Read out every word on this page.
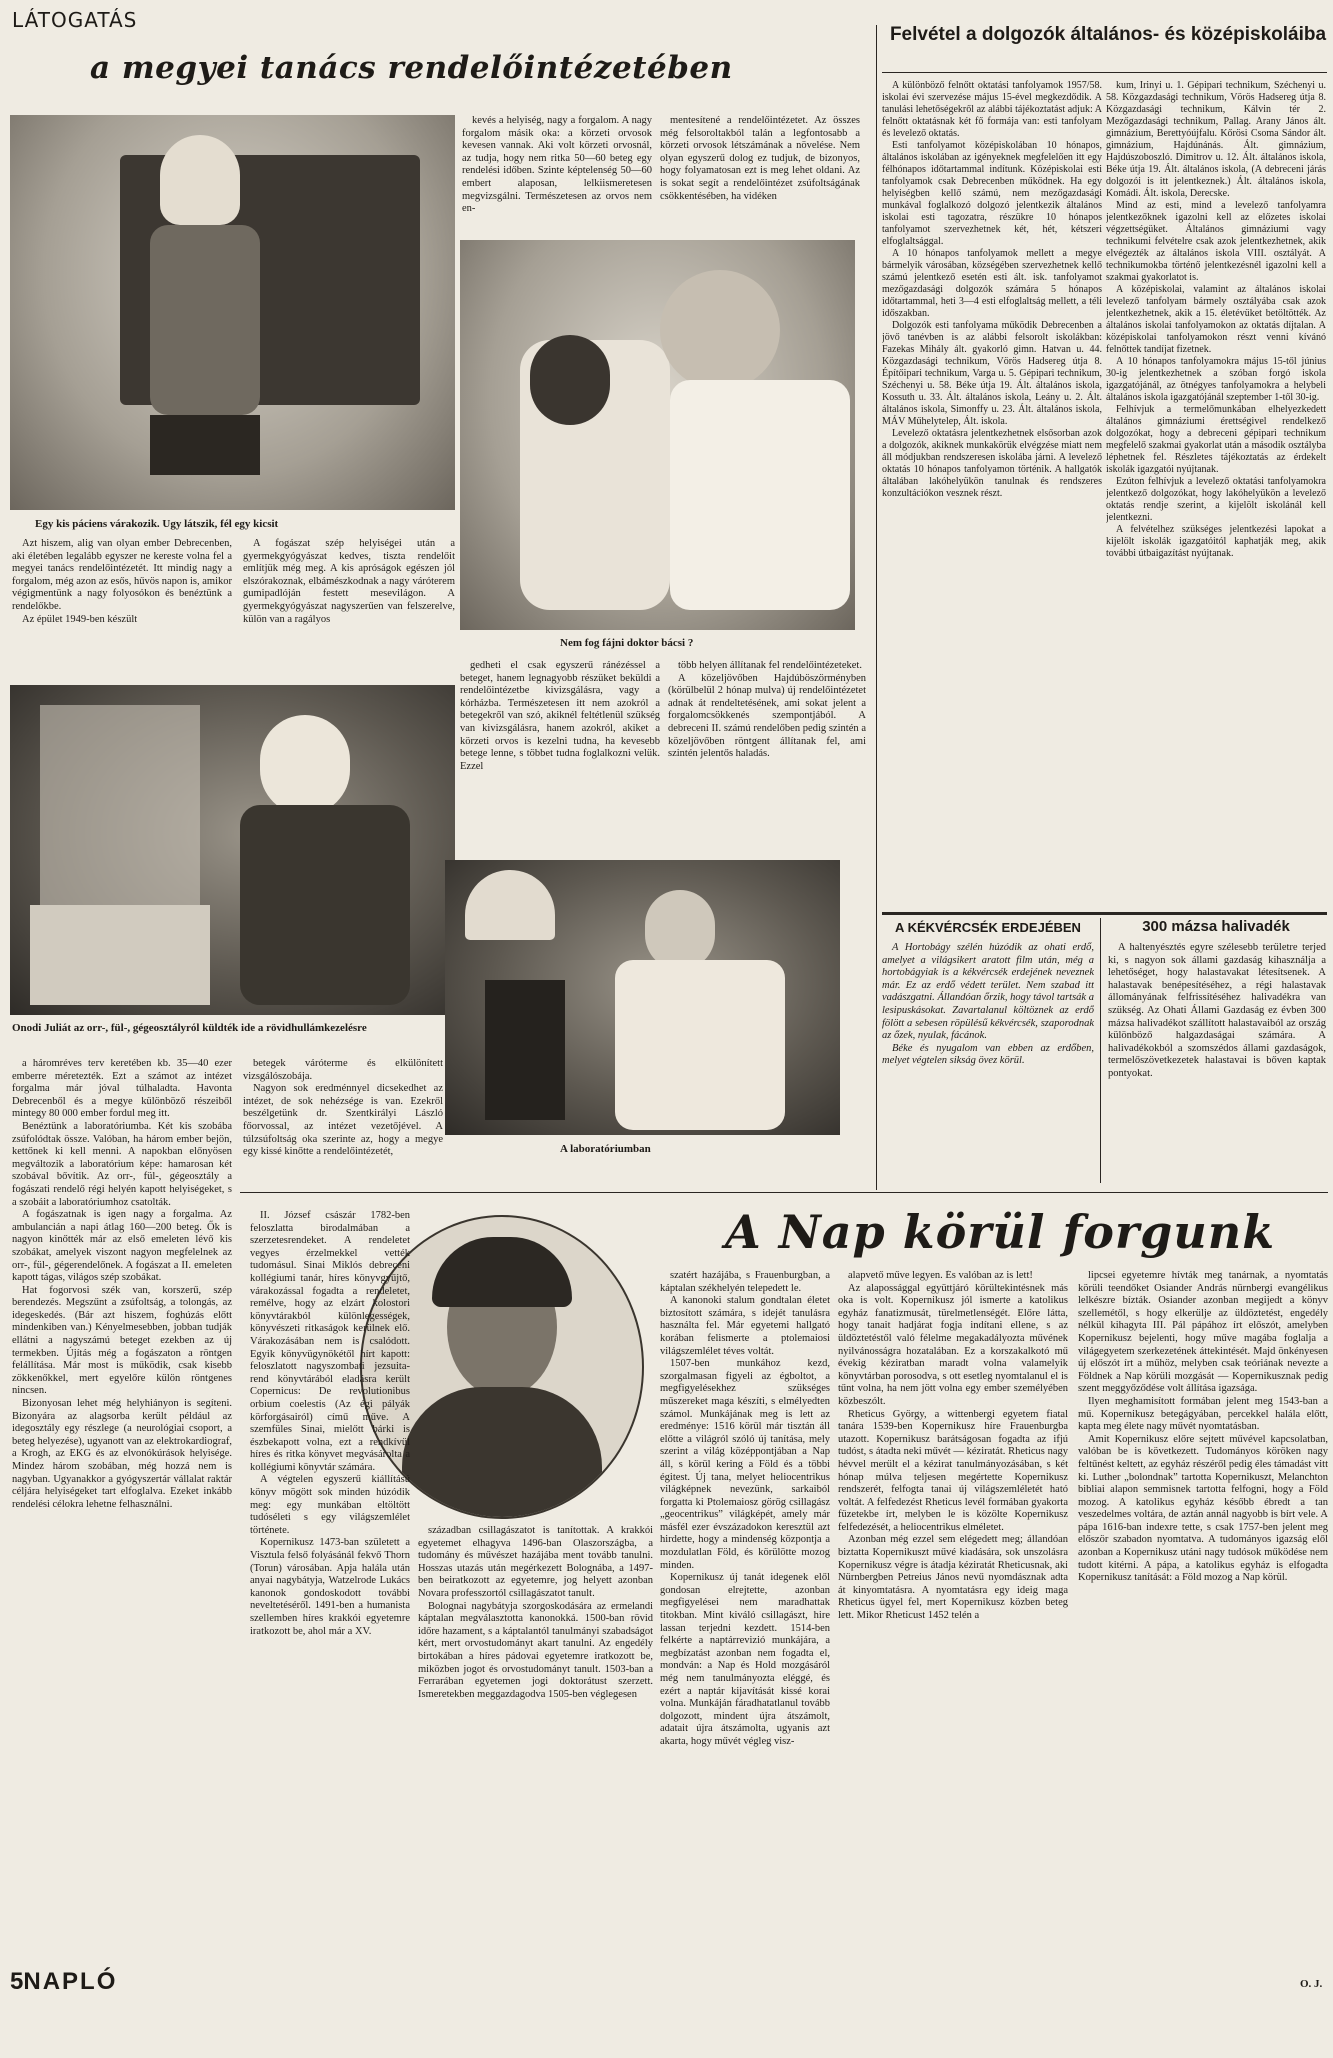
LÁTOGATÁS
a megyei tanács rendelőintézetében
Egy kis páciens várakozik. Ugy látszik, fél egy kicsit
Azt hiszem, alig van olyan ember Debrecenben, aki életében legalább egyszer ne kereste volna fel a megyei tanács rendelőintézetét. Itt mindig nagy a forgalom, még azon az esős, hűvös napon is, amikor végigmentünk a nagy folyosókon és benéztünk a rendelőkbe.
Az épület 1949-ben készült
A fogászat szép helyiségei után a gyermekgyógyászat kedves, tiszta rendelőit említjük még meg. A kis apróságok egészen jól elszórakoznak, elbámészkodnak a nagy váróterem gumipadlóján festett mesevilágon. A gyermekgyógyászat nagyszerűen van felszerelve, külön van a ragályos
Onodi Juliát az orr-, fül-, gégeosztályról küldték ide a rövidhullámkezelésre
Nem fog fájni doktor bácsi ?
A laboratóriumban
kevés a helyiség, nagy a forgalom. A nagy forgalom másik oka: a körzeti orvosok kevesen vannak. Aki volt körzeti orvosnál, az tudja, hogy nem ritka 50—60 beteg egy rendelési időben. Szinte képtelenség 50—60 embert alaposan, lelkiismeretesen megvizsgálni. Természetesen az orvos nem en-
mentesítené a rendelőintézetet. Az összes még felsoroltakból talán a legfontosabb a körzeti orvosok létszámának a növelése. Nem olyan egyszerű dolog ez tudjuk, de bizonyos, hogy folyamatosan ezt is meg lehet oldani. Az is sokat segít a rendelőintézet zsúfoltságának csökkentésében, ha vidéken
gedheti el csak egyszerű ránézéssel a beteget, hanem legnagyobb részüket beküldi a rendelőintézetbe kivizsgálásra, vagy a kórházba. Természetesen itt nem azokról a betegekről van szó, akiknél feltétlenül szükség van kivizsgálásra, hanem azokról, akiket a körzeti orvos is kezelni tudna, ha kevesebb betege lenne, s többet tudna foglalkozni velük. Ezzel
több helyen állítanak fel rendelőintézeteket.
A közeljövőben Hajdúböszörményben (körülbelül 2 hónap mulva) új rendelőintézetet adnak át rendeltetésének, ami sokat jelent a forgalomcsökkenés szempontjából. A debreceni II. számú rendelőben pedig szintén a közeljövőben röntgent állítanak fel, ami szintén jelentős haladás.
a háromréves terv keretében kb. 35—40 ezer emberre méretezték. Ezt a számot az intézet forgalma már jóval túlhaladta. Havonta Debrecenből és a megye különböző részeiből mintegy 80 000 ember fordul meg itt.
Benéztünk a laboratóriumba. Két kis szobába zsúfolódtak össze. Valóban, ha három ember bejön, kettőnek ki kell menni. A napokban előnyösen megváltozik a laboratórium képe: hamarosan két szobával bővítik. Az orr-, fül-, gégeosztály a fogászati rendelő régi helyén kapott helyiségeket, s a szobáit a laboratóriumhoz csatolták.
A fogászatnak is igen nagy a forgalma. Az ambulancián a napi átlag 160—200 beteg. Ők is nagyon kinőtték már az első emeleten lévő kis szobákat, amelyek viszont nagyon megfelelnek az orr-, fül-, gégerendelőnek. A fogászat a II. emeleten kapott tágas, világos szép szobákat.
Hat fogorvosi szék van, korszerű, szép berendezés. Megszűnt a zsúfoltság, a tolongás, az idegeskedés. (Bár azt hiszem, foghúzás előtt mindenkiben van.) Kényelmesebben, jobban tudják ellátni a nagyszámú beteget ezekben az új termekben. Újítás még a fogászaton a röntgen felállítása. Már most is működik, csak kisebb zökkenőkkel, mert egyelőre külön röntgenes nincsen.
Bizonyosan lehet még helyhiányon is segíteni. Bizonyára az alagsorba került például az idegosztály egy részlege (a neurológiai csoport, a beteg helyezése), ugyanott van az elektrokardiograf, a Krogh, az EKG és az elvonókúrások helyisége. Mindez három szobában, még hozzá nem is nagyban. Ugyanakkor a gyógyszertár vállalat raktár céljára helyiségeket tart elfoglalva. Ezeket inkább rendelési célokra lehetne felhasználni.
betegek váróterme és elkülönített vizsgálószobája.
Nagyon sok eredménnyel dicsekedhet az intézet, de sok nehézsége is van. Ezekről beszélgetünk dr. Szentkirályi László főorvossal, az intézet vezetőjével. A túlzsúfoltság oka szerinte az, hogy a megye egy kissé kinőtte a rendelőintézetét,
Felvétel a dolgozók általános- és középiskoláiba
A különböző felnőtt oktatási tanfolyamok 1957/58. iskolai évi szervezése május 15-ével megkezdődik. A tanulási lehetőségekről az alábbi tájékoztatást adjuk: A felnőtt oktatásnak két fő formája van: esti tanfolyam és levelező oktatás.
Esti tanfolyamot középiskolában 10 hónapos, általános iskolában az igényeknek megfelelően itt egy félhónapos időtartammal indítunk. Középiskolai esti tanfolyamok csak Debrecenben működnek. Ha egy helyiségben kellő számú, nem mezőgazdasági munkával foglalkozó dolgozó jelentkezik általános iskolai esti tagozatra, részükre 10 hónapos tanfolyamot szervezhetnek két, hét, kétszeri elfoglaltsággal.
A 10 hónapos tanfolyamok mellett a megye bármelyik városában, községében szervezhetnek kellő számú jelentkező esetén esti ált. isk. tanfolyamot mezőgazdasági dolgozók számára 5 hónapos időtartammal, heti 3—4 esti elfoglaltság mellett, a téli időszakban.
Dolgozók esti tanfolyama működik Debrecenben a jövő tanévben is az alábbi felsorolt iskolákban: Fazekas Mihály ált. gyakorló gimn. Hatvan u. 44. Közgazdasági technikum, Vörös Hadsereg útja 8. Építőipari technikum, Varga u. 5. Gépipari technikum, Széchenyi u. 58. Béke útja 19. Ált. általános iskola, Kossuth u. 33. Ált. általános iskola, Leány u. 2. Ált. általános iskola, Simonffy u. 23. Ált. általános iskola, MÁV Műhelytelep, Ált. iskola.
Levelező oktatásra jelentkezhetnek elsősorban azok a dolgozók, akiknek munkakörük elvégzése miatt nem áll módjukban rendszeresen iskolába járni. A levelező oktatás 10 hónapos tanfolyamon történik. A hallgatók általában lakóhelyükön tanulnak és rendszeres konzultációkon vesznek részt.
kum, Irinyi u. 1. Gépipari technikum, Széchenyi u. 58. Közgazdasági technikum, Vörös Hadsereg útja 8. Közgazdasági technikum, Kálvin tér 2. Mezőgazdasági technikum, Pallag. Arany János ált. gimnázium, Berettyóújfalu. Kőrösi Csoma Sándor ált. gimnázium, Hajdúnánás. Ált. gimnázium, Hajdúszoboszló. Dimitrov u. 12. Ált. általános iskola, Béke útja 19. Ált. általános iskola, (A debreceni járás dolgozói is itt jelentkeznek.) Ált. általános iskola, Komádi. Ált. iskola, Derecske.
Mind az esti, mind a levelező tanfolyamra jelentkezőknek igazolni kell az előzetes iskolai végzettségüket. Általános gimnáziumi vagy technikumi felvételre csak azok jelentkezhetnek, akik elvégezték az általános iskola VIII. osztályát. A technikumokba történő jelentkezésnél igazolni kell a szakmai gyakorlatot is.
A középiskolai, valamint az általános iskolai levelező tanfolyam bármely osztályába csak azok jelentkezhetnek, akik a 15. életévüket betöltötték. Az általános iskolai tanfolyamokon az oktatás díjtalan. A középiskolai tanfolyamokon részt venni kívánó felnőttek tandíjat fizetnek.
A 10 hónapos tanfolyamokra május 15-től június 30-ig jelentkezhetnek a szóban forgó iskola igazgatójánál, az ötnégyes tanfolyamokra a helybeli általános iskola igazgatójánál szeptember 1-től 30-ig.
Felhívjuk a termelőmunkában elhelyezkedett általános gimnáziumi érettségivel rendelkező dolgozókat, hogy a debreceni gépipari technikum megfelelő szakmai gyakorlat után a második osztályba léphetnek fel. Részletes tájékoztatás az érdekelt iskolák igazgatói nyújtanak.
Ezúton felhívjuk a levelező oktatási tanfolyamokra jelentkező dolgozókat, hogy lakóhelyükön a levelező oktatás rendje szerint, a kijelölt iskolánál kell jelentkezni.
A felvételhez szükséges jelentkezési lapokat a kijelölt iskolák igazgatóitól kaphatják meg, akik további útbaigazítást nyújtanak.
A KÉKVÉRCSÉK ERDEJÉBEN
A Hortobágy szélén húzódik az ohati erdő, amelyet a világsikert aratott film után, még a hortobágyiak is a kékvércsék erdejének neveznek már. Ez az erdő védett terület. Nem szabad itt vadászgatni. Állandóan őrzik, hogy távol tartsák a lesipuskásokat. Zavartalanul költöznek az erdő fölött a sebesen röpülésű kékvércsék, szaporodnak az őzek, nyulak, fácánok.
Béke és nyugalom van ebben az erdőben, melyet végtelen sikság övez körül.
300 mázsa halivadék
A haltenyésztés egyre szélesebb területre terjed ki, s nagyon sok állami gazdaság kihasználja a lehetőséget, hogy halastavakat létesítsenek. A halastavak benépesítéséhez, a régi halastavak állományának felfrissítéséhez halivadékra van szükség. Az Ohati Állami Gazdaság ez évben 300 mázsa halivadékot szállított halastavaiból az ország különböző halgazdaságai számára. A halivadékokból a szomszédos állami gazdaságok, termelőszövetkezetek halastavai is bőven kaptak pontyokat.
A Nap körül forgunk
II. József császár 1782-ben feloszlatta birodalmában a szerzetesrendeket. A rendeletet vegyes érzelmekkel vették tudomásul. Sinai Miklós debreceni kollégiumi tanár, híres könyvgyűjtő, várakozással fogadta a rendeletet, remélve, hogy az elzárt kolostori könyvtárakból különlegességek, könyvészeti ritkaságok kerülnek elő. Várakozásában nem is csalódott. Egyik könyvügynökétől hírt kapott: feloszlatott nagyszombati jezsuita-rend könyvtárából eladásra került Copernicus: De revolutionibus orbium coelestis (Az égi pályák körforgásairól) című műve. A szemfüles Sinai, mielőtt bárki is észbekapott volna, ezt a rendkívül híres és ritka könyvet megvásárolta a kollégiumi könyvtár számára.
A végtelen egyszerű kiállítású könyv mögött sok minden húzódik meg: egy munkában eltöltött tudóséleti s egy világszemlélet története.
Kopernikusz 1473-ban született a Visztula felső folyásánál fekvő Thorn (Torun) városában. Apja halála után anyai nagybátyja, Watzelrode Lukács kanonok gondoskodott további neveltetéséről. 1491-ben a humanista szellemben híres krakkói egyetemre iratkozott be, ahol már a XV.
században csillagászatot is tanítottak. A krakkói egyetemet elhagyva 1496-ban Olaszországba, a tudomány és művészet hazájába ment tovább tanulni. Hosszas utazás után megérkezett Bolognába, a 1497-ben beiratkozott az egyetemre, jog helyett azonban Novara professzortól csillagászatot tanult.
Bolognai nagybátyja szorgoskodására az ermelandi káptalan megválasztotta kanonokká. 1500-ban rövid időre hazament, s a káptalantól tanulmányi szabadságot kért, mert orvostudományt akart tanulni. Az engedély birtokában a híres pádovai egyetemre iratkozott be, miközben jogot és orvostudományt tanult. 1503-ban a Ferrarában egyetemen jogi doktorátust szerzett. Ismeretekben meggazdagodva 1505-ben véglegesen
szatért hazájába, s Frauenburgban, a káptalan székhelyén telepedett le.
A kanonoki stalum gondtalan életet biztosított számára, s idejét tanulásra használta fel. Már egyetemi hallgató korában felismerte a ptolemaiosi világszemlélet téves voltát.
1507-ben munkához kezd, szorgalmasan figyeli az égboltot, a megfigyelésekhez szükséges műszereket maga készíti, s elmélyedten számol. Munkájának meg is lett az eredménye: 1516 körül már tisztán áll előtte a világról szóló új tanítása, mely szerint a világ középpontjában a Nap áll, s körül kering a Föld és a többi égitest. Új tana, melyet heliocentrikus világképnek nevezünk, sarkaiból forgatta ki Ptolemaiosz görög csillagász „geocentrikus” világképét, amely már másfél ezer évszázadokon keresztül azt hirdette, hogy a mindenség központja a mozdulatlan Föld, és körülötte mozog minden.
Kopernikusz új tanát idegenek elől gondosan elrejtette, azonban megfigyelései nem maradhattak titokban. Mint kiváló csillagászt, hire lassan terjedni kezdett. 1514-ben felkérte a naptárrevizió munkájára, a megbízatást azonban nem fogadta el, mondván: a Nap és Hold mozgásáról még nem tanulmányozta eléggé, és ezért a naptár kijavítását kissé korai volna. Munkáján fáradhatatlanul tovább dolgozott, mindent újra átszámolt, adatait újra átszámolta, ugyanis azt akarta, hogy művét végleg visz-
alapvető műve legyen. És valóban az is lett!
Az alapossággal együttjáró körültekintésnek más oka is volt. Kopernikusz jól ismerte a katolikus egyház fanatizmusát, türelmetlenségét. Előre látta, hogy tanait hadjárat fogja indítani ellene, s az üldöztetéstől való félelme megakadályozta művének nyilvánosságra hozatalában. Ez a korszakalkotó mű évekig kéziratban maradt volna valamelyik könyvtárban porosodva, s ott esetleg nyomtalanul el is tűnt volna, ha nem jött volna egy ember személyében közbeszólt.
Rheticus György, a wittenbergi egyetem fiatal tanára 1539-ben Kopernikusz híre Frauenburgba utazott. Kopernikusz barátságosan fogadta az ifjú tudóst, s átadta neki művét — kéziratát. Rheticus nagy hévvel merült el a kézirat tanulmányozásában, s két hónap múlva teljesen megértette Kopernikusz rendszerét, felfogta tanai új világszemléletét ható voltát. A felfedezést Rheticus levél formában gyakorta füzetekbe írt, melyben le is közölte Kopernikusz felfedezését, a heliocentrikus elméletet.
Azonban még ezzel sem elégedett meg; állandóan biztatta Kopernikuszt művé kiadására, sok unszolásra Kopernikusz végre is átadja kéziratát Rheticusnak, aki Nürnbergben Petreius János nevű nyomdásznak adta át kinyomtatásra. A nyomtatásra egy ideig maga Rheticus ügyel fel, mert Kopernikusz közben beteg lett. Mikor Rheticust 1452 telén a
lipcsei egyetemre hívták meg tanárnak, a nyomtatás körüli teendőket Osiander András nürnbergi evangélikus lelkészre bízták. Osiander azonban megijedt a könyv szellemétől, s hogy elkerülje az üldöztetést, engedély nélkül kihagyta III. Pál pápához írt előszót, amelyben Kopernikusz bejelenti, hogy műve magába foglalja a világegyetem szerkezetének áttekintését. Majd önkényesen új előszót írt a műhöz, melyben csak teóriának nevezte a Földnek a Nap körüli mozgását — Kopernikusznak pedig szent meggyőződése volt állítása igazsága.
Ilyen meghamisított formában jelent meg 1543-ban a mű. Kopernikusz betegágyában, percekkel halála előtt, kapta meg élete nagy művét nyomtatásban.
Amit Kopernikusz előre sejtett művével kapcsolatban, valóban be is következett. Tudományos köröken nagy feltűnést keltett, az egyház részéről pedig éles támadást vitt ki. Luther „bolondnak” tartotta Kopernikuszt, Melanchton bibliai alapon semmisnek tartotta felfogni, hogy a Föld mozog. A katolikus egyház később ébredt a tan veszedelmes voltára, de aztán annál nagyobb is bírt vele. A pápa 1616-ban indexre tette, s csak 1757-ben jelent meg először szabadon nyomtatva. A tudományos igazság elől azonban a Kopernikusz utáni nagy tudósok működése nem tudott kitérni. A pápa, a katolikus egyház is elfogadta Kopernikusz tanítását: a Föld mozog a Nap körül.
O. J.
5NAPLÓ
